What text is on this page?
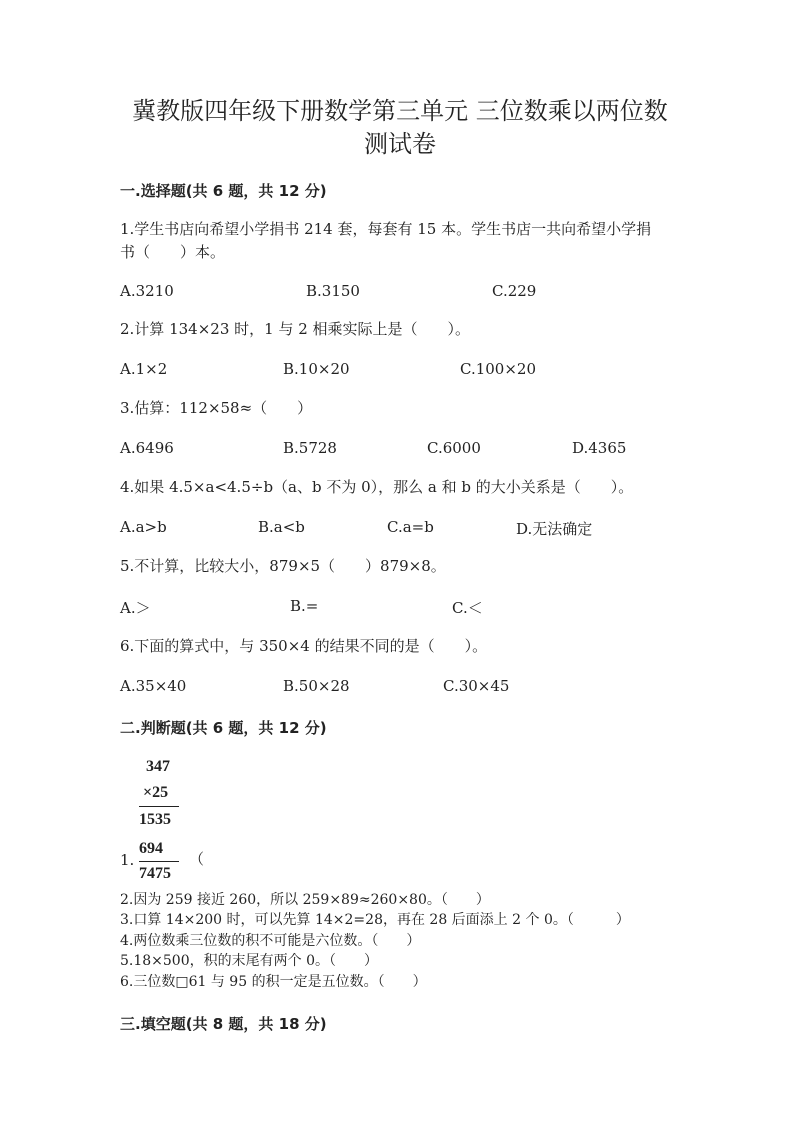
冀教版四年级下册数学第三单元 三位数乘以两位数
测试卷
一.选择题(共 6 题，共 12 分)
1.学生书店向希望小学捐书 214 套，每套有 15 本。学生书店一共向希望小学捐
书（　　）本。
A.3210	B.3150	C.229
2.计算 134×23 时，1 与 2 相乘实际上是（　　）。
A.1×2	B.10×20	C.100×20
3.估算：112×58≈（　　）
A.6496	B.5728	C.6000	D.4365
4.如果 4.5×a<4.5÷b（a、b 不为 0），那么 a 和 b 的大小关系是（　　）。
A.a>b	B.a<b	C.a=b	D.无法确定
5.不计算，比较大小，879×5（　　）879×8。
A.＞	B.=	C.＜
6.下面的算式中，与 350×4 的结果不同的是（　　）。
A.35×40	B.50×28	C.30×45
二.判断题(共 6 题，共 12 分)
347
×25
1535
1.
694
7475
（
2.因为 259 接近 260，所以 259×89≈260×80。（　　）
3.口算 14×200 时，可以先算 14×2=28，再在 28 后面添上 2 个 0。（　　　）
4.两位数乘三位数的积不可能是六位数。（　　）
5.18×500，积的末尾有两个 0。（　　）
6.三位数□61 与 95 的积一定是五位数。（　　）
三.填空题(共 8 题，共 18 分)
